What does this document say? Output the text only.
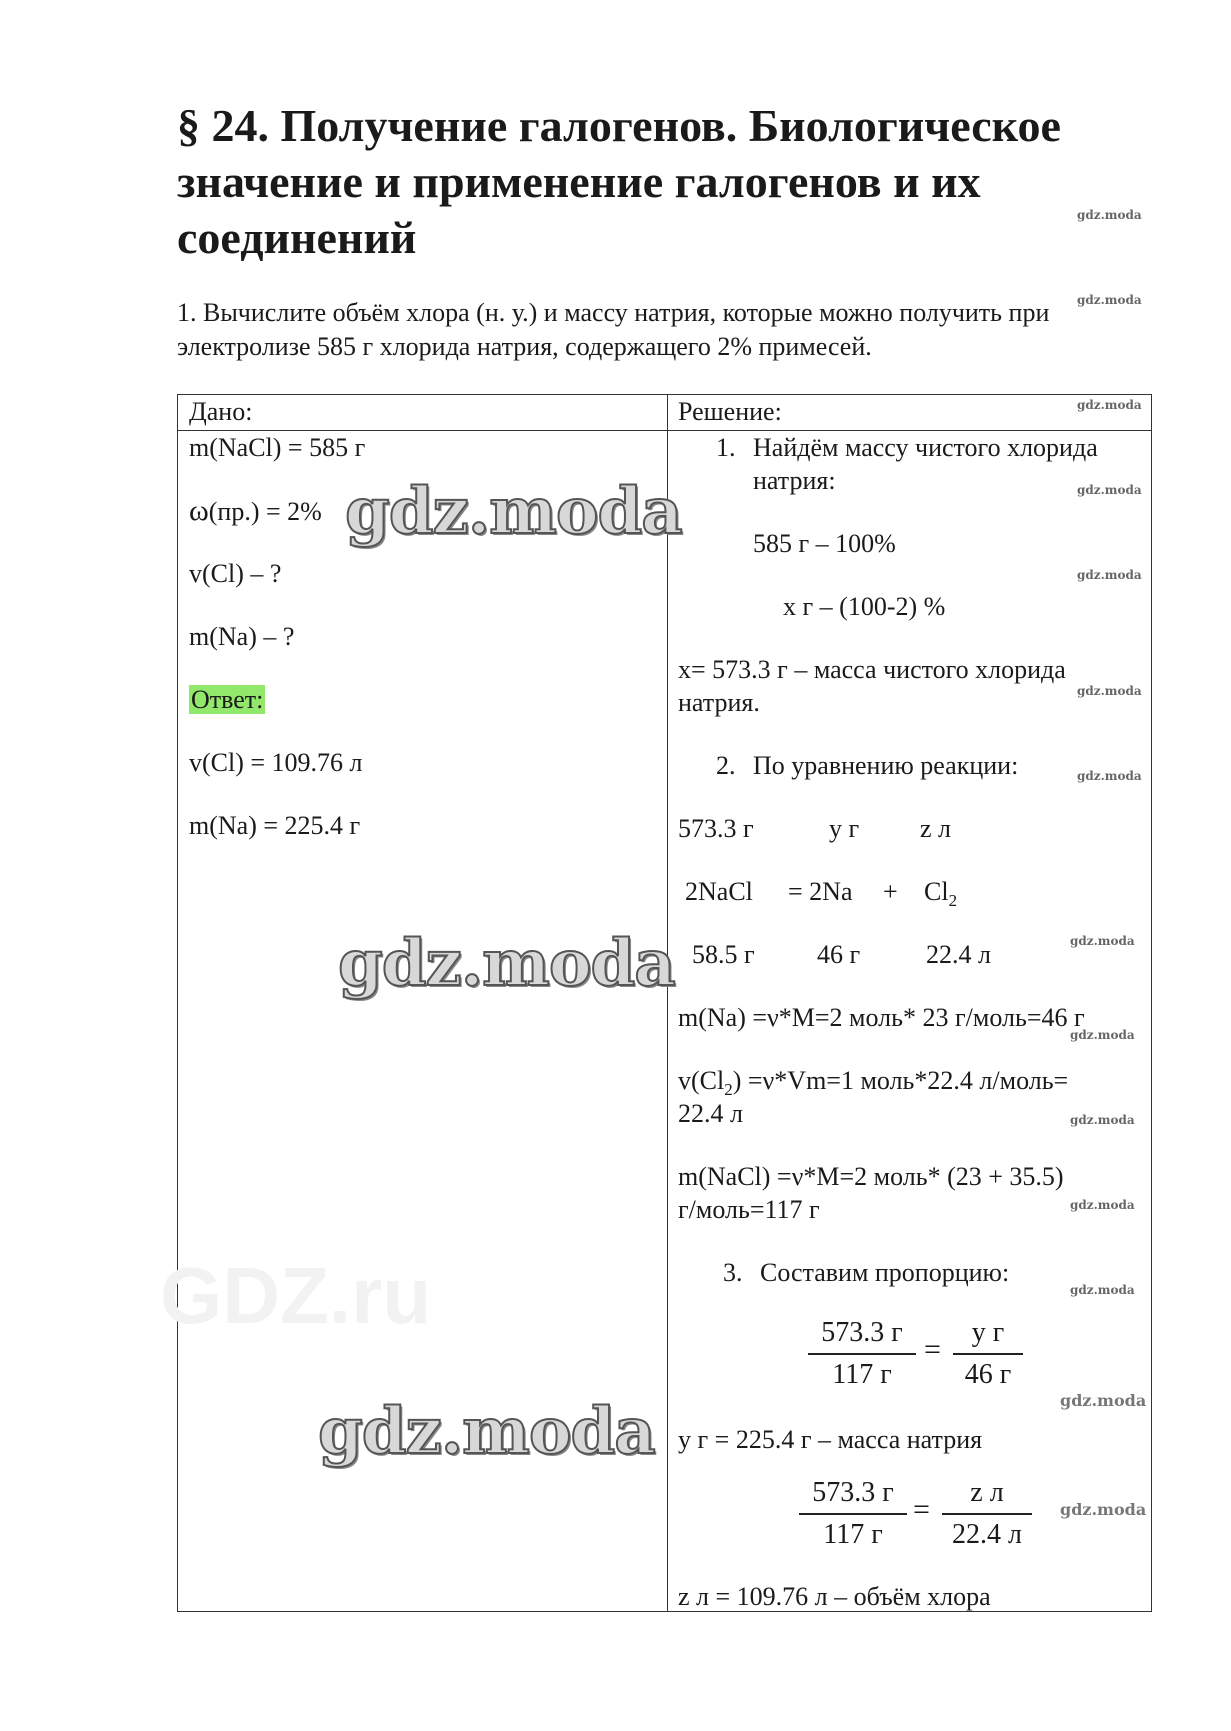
§ 24. Получение галогенов. Биологическое значение и применение галогенов и их соединений

1. Вычислите объём хлора (н. у.) и массу натрия, которые можно получить при электролизе 585 г хлорида натрия, содержащего 2% примесей.

Дано:
m(NaCl) = 585 г
ω(пр.) = 2%
v(Cl) – ?
m(Na) – ?
Ответ:
v(Cl) = 109.76 л
m(Na) = 225.4 г
Решение:
1. Найдём массу чистого хлорида
натрия:
585 г – 100%
х г – (100-2) %
х= 573.3 г – масса чистого хлорида
натрия.
2. По уравнению реакции:
573.3 г	у г z л
2NaCl = $2Na + Cl_2$
58.5 г 46 г	22.4 л
m(Na) =ν*M=2 моль* 23 г/моль=46 г
$v(Cl_2) =\nu*Vm=1$ моль*22.4 л/моль=
22.4 л
m(NaCl) =ν*M=2 моль* (23 + 35.5)
г/моль=117 г
3. Составим пропорцию:
573.3 г
117 г
=
у г
46 г
у г = 225.4 г – масса натрия
573.3 г
117 г
=
z л
22.4 л
z л = 109.76 л – объём хлора
GDZ.ru
gdz.moda
gdz.moda
gdz.moda
gdz.moda
gdz.moda
gdz.moda
gdz.moda
gdz.moda
gdz.moda
gdz.moda
gdz.moda
gdz.moda
gdz.moda
gdz.moda
gdz.moda
gdz.moda
gdz.moda
